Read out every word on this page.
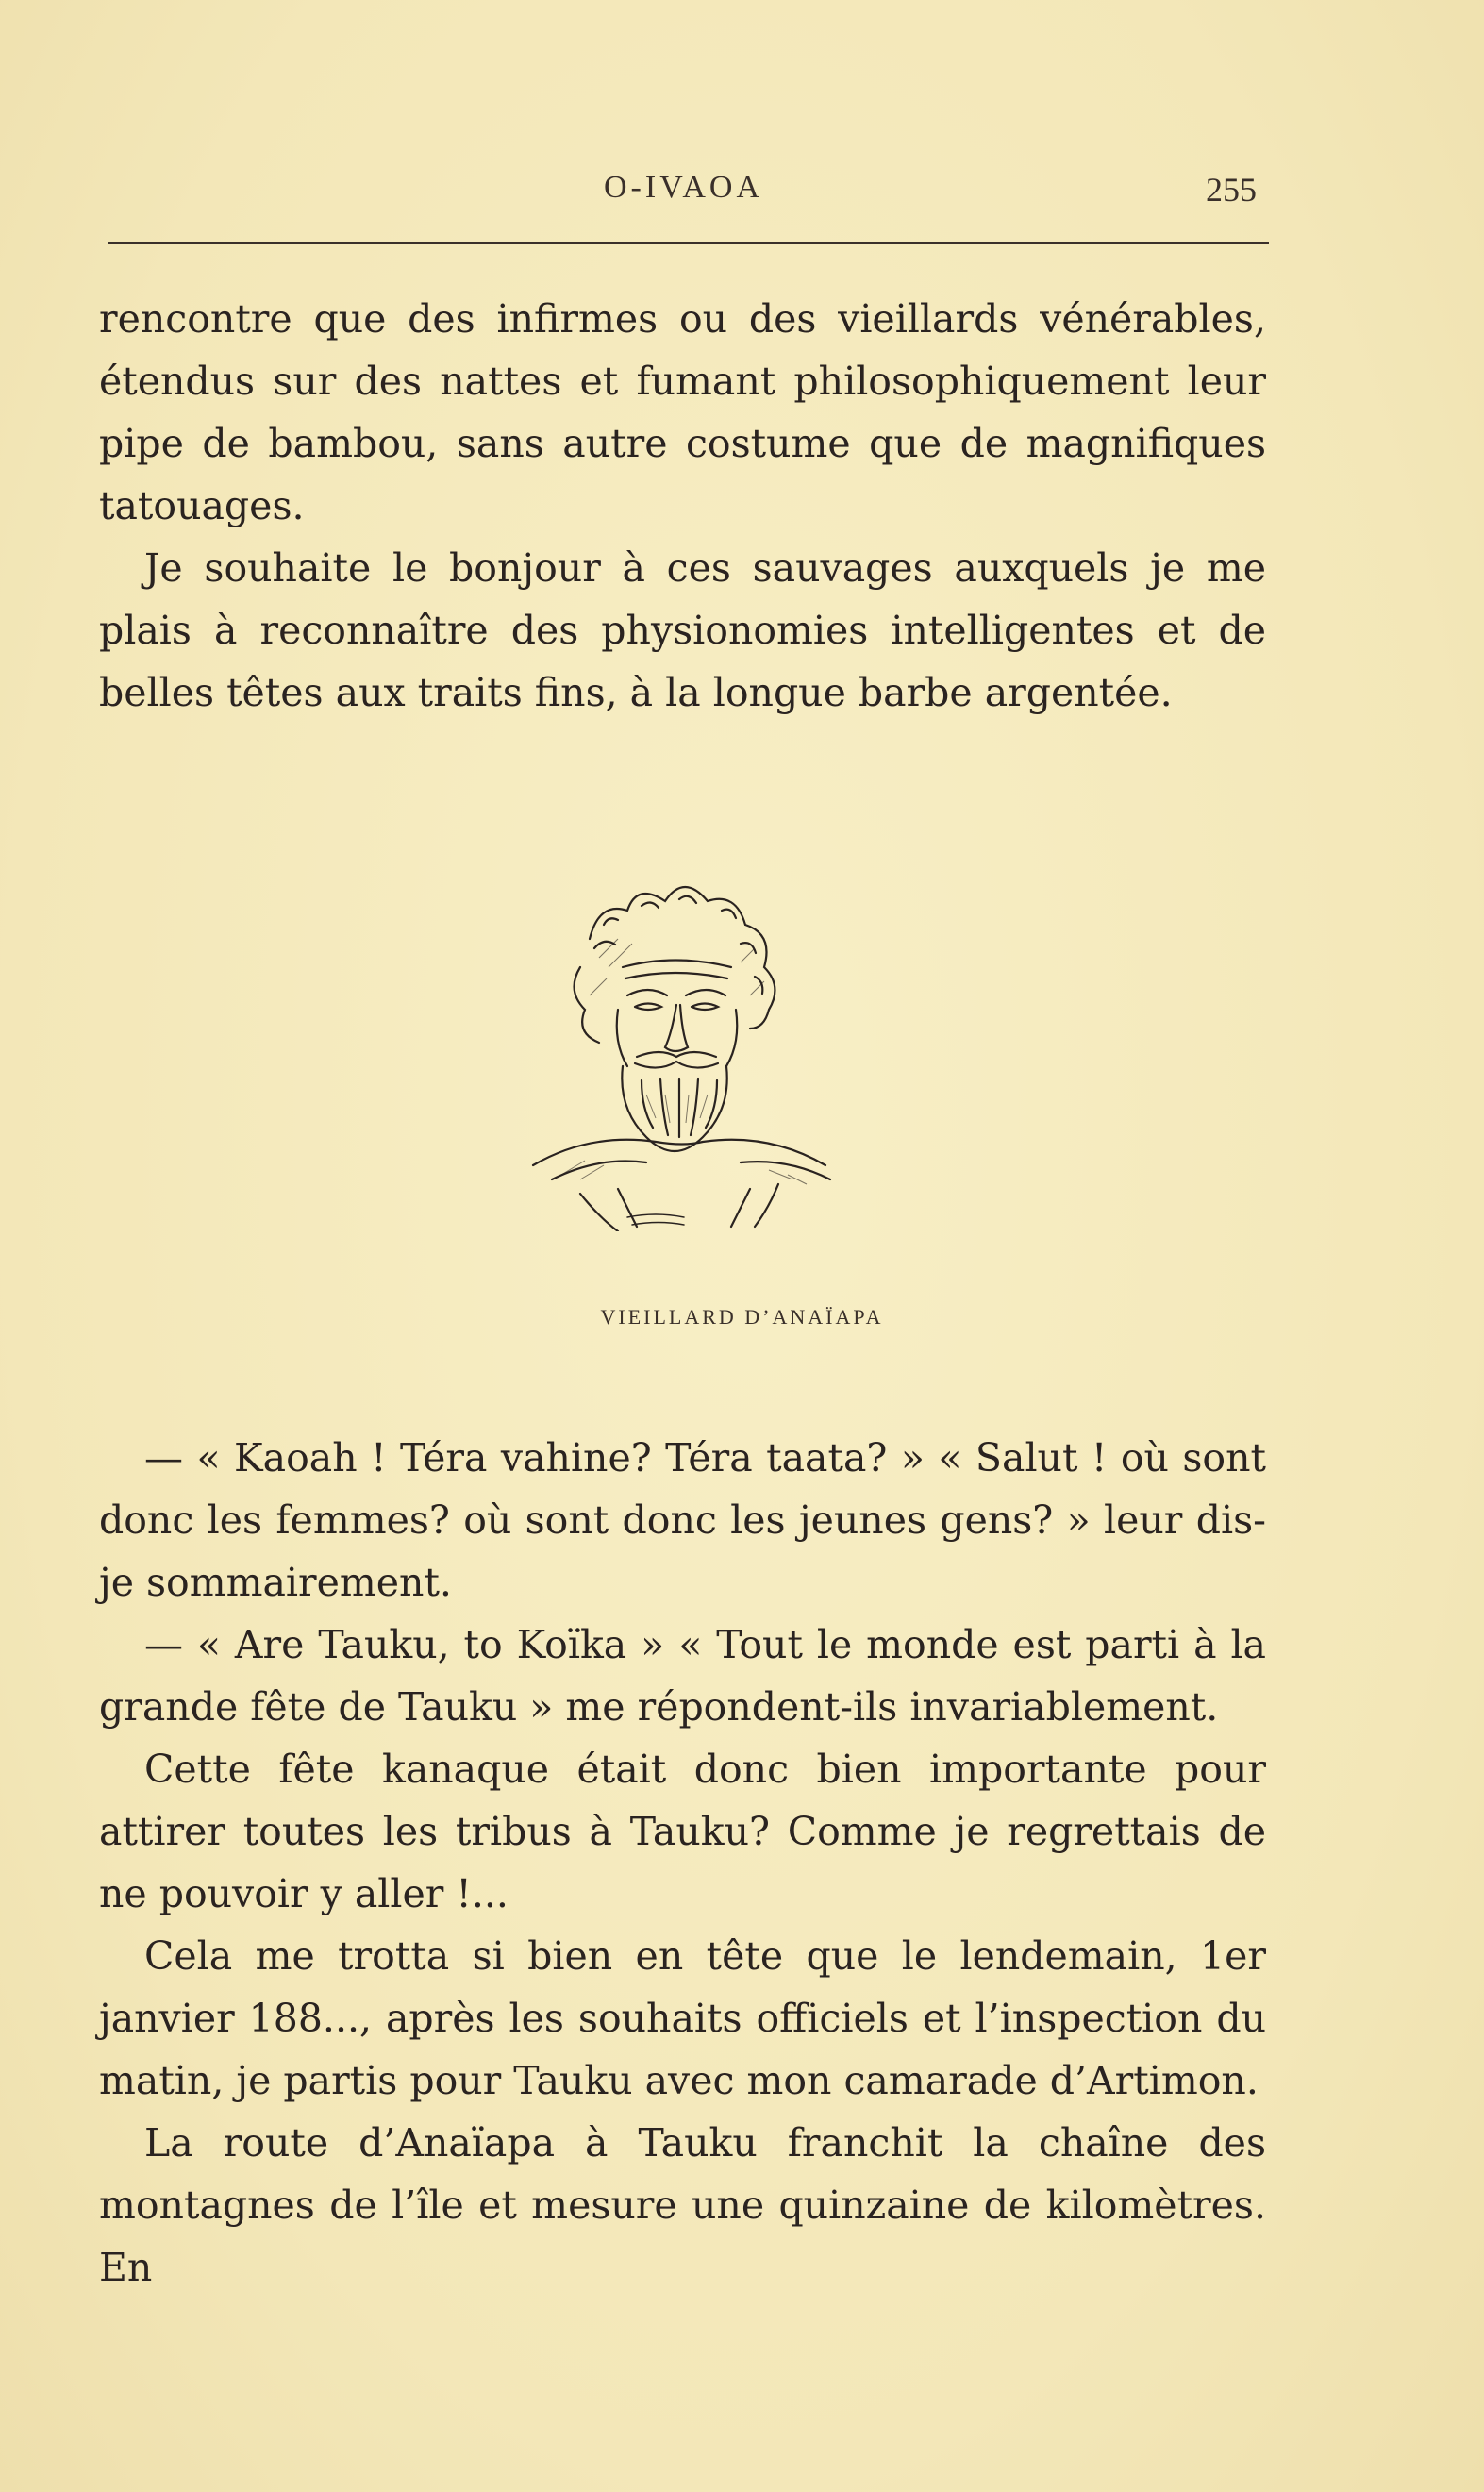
O-IVAOA	255

rencontre que des infirmes ou des vieillards vénérables, étendus sur des nattes et fumant philosophiquement leur pipe de bambou, sans autre costume que de magnifiques tatouages.

Je souhaite le bonjour à ces sauvages auxquels je me plais à reconnaître des physionomies intelligentes et de belles têtes aux traits fins, à la longue barbe argentée.

VIEILLARD D’ANAÏAPA

— « Kaoah ! Téra vahine? Téra taata? » « Salut ! où sont donc les femmes? où sont donc les jeunes gens? » leur dis-je sommairement.

— « Are Tauku, to Koïka » « Tout le monde est parti à la grande fête de Tauku » me répondent-ils invariablement.

Cette fête kanaque était donc bien importante pour attirer toutes les tribus à Tauku? Comme je regrettais de ne pouvoir y aller !...

Cela me trotta si bien en tête que le lendemain, 1er janvier 188..., après les souhaits officiels et l’inspection du matin, je partis pour Tauku avec mon camarade d’Artimon.

La route d’Anaïapa à Tauku franchit la chaîne des montagnes de l’île et mesure une quinzaine de kilomètres. En
